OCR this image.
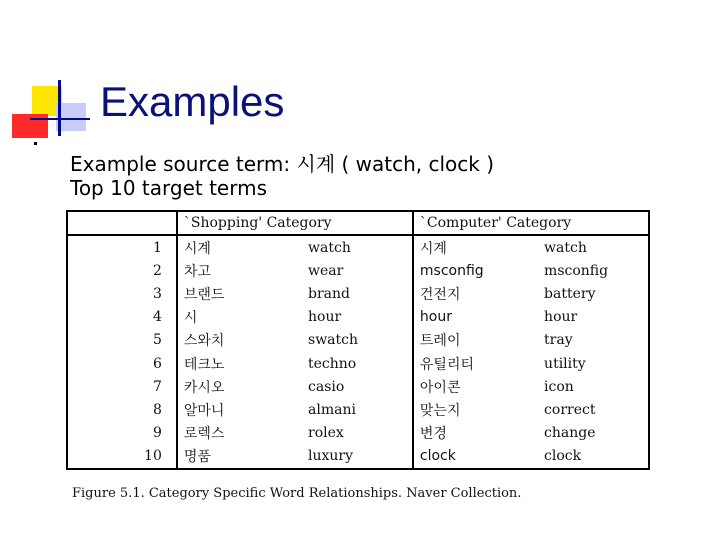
Examples
Example source term: 시계 ( watch, clock )
Top 10 target terms
	`Shopping' Category		`Computer' Category	
1	시계	watch	시계	watch
2	차고	wear	msconfig	msconfig
3	브랜드	brand	건전지	battery
4	시	hour	hour	hour
5	스와치	swatch	트레이	tray
6	테크노	techno	유틸리티	utility
7	카시오	casio	아이콘	icon
8	알마니	almani	맞는지	correct
9	로렉스	rolex	변경	change
10	명품	luxury	clock	clock
Figure 5.1. Category Specific Word Relationships. Naver Collection.
